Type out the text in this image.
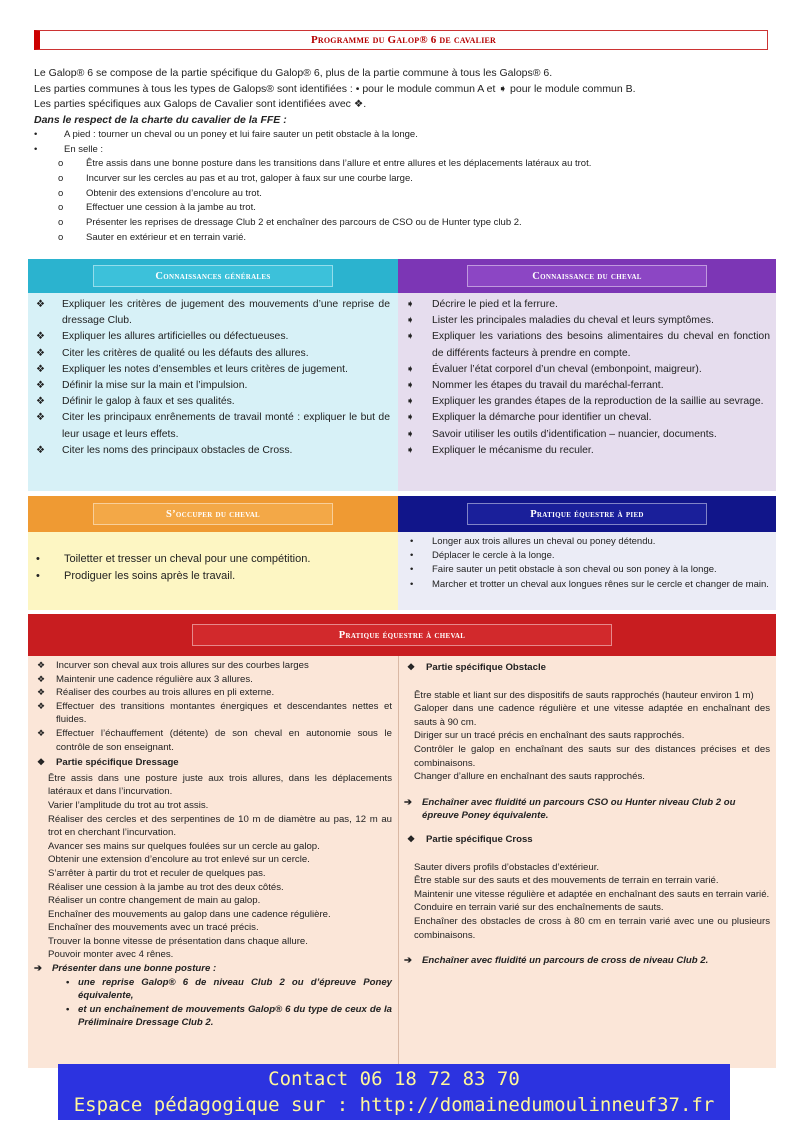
Programme du Galop® 6 de cavalier
Le Galop® 6 se compose de la partie spécifique du Galop® 6, plus de la partie commune à tous les Galops® 6.
Les parties communes à tous les types de Galops® sont identifiées : • pour le module commun A et ➧ pour le module commun B.
Les parties spécifiques aux Galops de Cavalier sont identifiées avec ❖.
Dans le respect de la charte du cavalier de la FFE :
•	A pied : tourner un cheval ou un poney et lui faire sauter un petit obstacle à la longe.
•	En selle :
o Être assis dans une bonne posture dans les transitions dans l’allure et entre allures et les déplacements latéraux au trot.
o Incurver sur les cercles au pas et au trot, galoper à faux sur une courbe large.
o Obtenir des extensions d’encolure au trot.
o Effectuer une cession à la jambe au trot.
o Présenter les reprises de dressage Club 2 et enchaîner des parcours de CSO ou de Hunter type club 2.
o Sauter en extérieur et en terrain varié.
Connaissances générales
❖ Expliquer les critères de jugement des mouvements d’une reprise de dressage Club.
❖ Expliquer les allures artificielles ou défectueuses.
❖ Citer les critères de qualité ou les défauts des allures.
❖ Expliquer les notes d’ensembles et leurs critères de jugement.
❖ Définir la mise sur la main et l’impulsion.
❖ Définir le galop à faux et ses qualités.
❖ Citer les principaux enrênements de travail monté : expliquer le but de leur usage et leurs effets.
❖ Citer les noms des principaux obstacles de Cross.
Connaissance du cheval
➧ Décrire le pied et la ferrure.
➧ Lister les principales maladies du cheval et leurs symptômes.
➧ Expliquer les variations des besoins alimentaires du cheval en fonction de différents facteurs à prendre en compte.
➧ Évaluer l’état corporel d’un cheval (embonpoint, maigreur).
➧ Nommer les étapes du travail du maréchal-ferrant.
➧ Expliquer les grandes étapes de la reproduction de la saillie au sevrage.
➧ Expliquer la démarche pour identifier un cheval.
➧ Savoir utiliser les outils d’identification – nuancier, documents.
➧ Expliquer le mécanisme du reculer.
S’occuper du cheval
• Toiletter et tresser un cheval pour une compétition.
• Prodiguer les soins après le travail.
Pratique équestre à pied
• Longer aux trois allures un cheval ou poney détendu.
• Déplacer le cercle à la longe.
• Faire sauter un petit obstacle à son cheval ou son poney à la longe.
• Marcher et trotter un cheval aux longues rênes sur le cercle et changer de main.
Pratique équestre à cheval
❖ Incurver son cheval aux trois allures sur des courbes larges
❖ Maintenir une cadence régulière aux 3 allures.
❖ Réaliser des courbes au trois allures en pli externe.
❖ Effectuer des transitions montantes énergiques et descendantes nettes et fluides.
❖ Effectuer l’échauffement (détente) de son cheval en autonomie sous le contrôle de son enseignant.
❖ Partie spécifique Dressage
Être assis dans une posture juste aux trois allures, dans les déplacements latéraux et dans l’incurvation.
Varier l’amplitude du trot au trot assis.
Réaliser des cercles et des serpentines de 10 m de diamètre au pas, 12 m au trot en cherchant l’incurvation.
Avancer ses mains sur quelques foulées sur un cercle au galop.
Obtenir une extension d’encolure au trot enlevé sur un cercle.
S’arrêter à partir du trot et reculer de quelques pas.
Réaliser une cession à la jambe au trot des deux côtés.
Réaliser un contre changement de main au galop.
Enchaîner des mouvements au galop dans une cadence régulière.
Enchaîner des mouvements avec un tracé précis.
Trouver la bonne vitesse de présentation dans chaque allure.
Pouvoir monter avec 4 rênes.
➔ Présenter dans une bonne posture :
• une reprise Galop® 6 de niveau Club 2 ou d’épreuve Poney équivalente,
• et un enchaînement de mouvements Galop® 6 du type de ceux de la Préliminaire Dressage Club 2.
❖ Partie spécifique Obstacle
Être stable et liant sur des dispositifs de sauts rapprochés (hauteur environ 1 m)
Galoper dans une cadence régulière et une vitesse adaptée en enchaînant des sauts à 90 cm.
Diriger sur un tracé précis en enchaînant des sauts rapprochés.
Contrôler le galop en enchaînant des sauts sur des distances précises et des combinaisons.
Changer d’allure en enchaînant des sauts rapprochés.
➔ Enchaîner avec fluidité un parcours CSO ou Hunter niveau Club 2 ou épreuve Poney équivalente.
❖ Partie spécifique Cross
Sauter divers profils d’obstacles d’extérieur.
Être stable sur des sauts et des mouvements de terrain en terrain varié.
Maintenir une vitesse régulière et adaptée en enchaînant des sauts en terrain varié.
Conduire en terrain varié sur des enchaînements de sauts.
Enchaîner des obstacles de cross à 80 cm en terrain varié avec une ou plusieurs combinaisons.
➔ Enchaîner avec fluidité un parcours de cross de niveau Club 2.
Contact 06 18 72 83 70
Espace pédagogique sur : http://domainedumoulinneuf37.fr
